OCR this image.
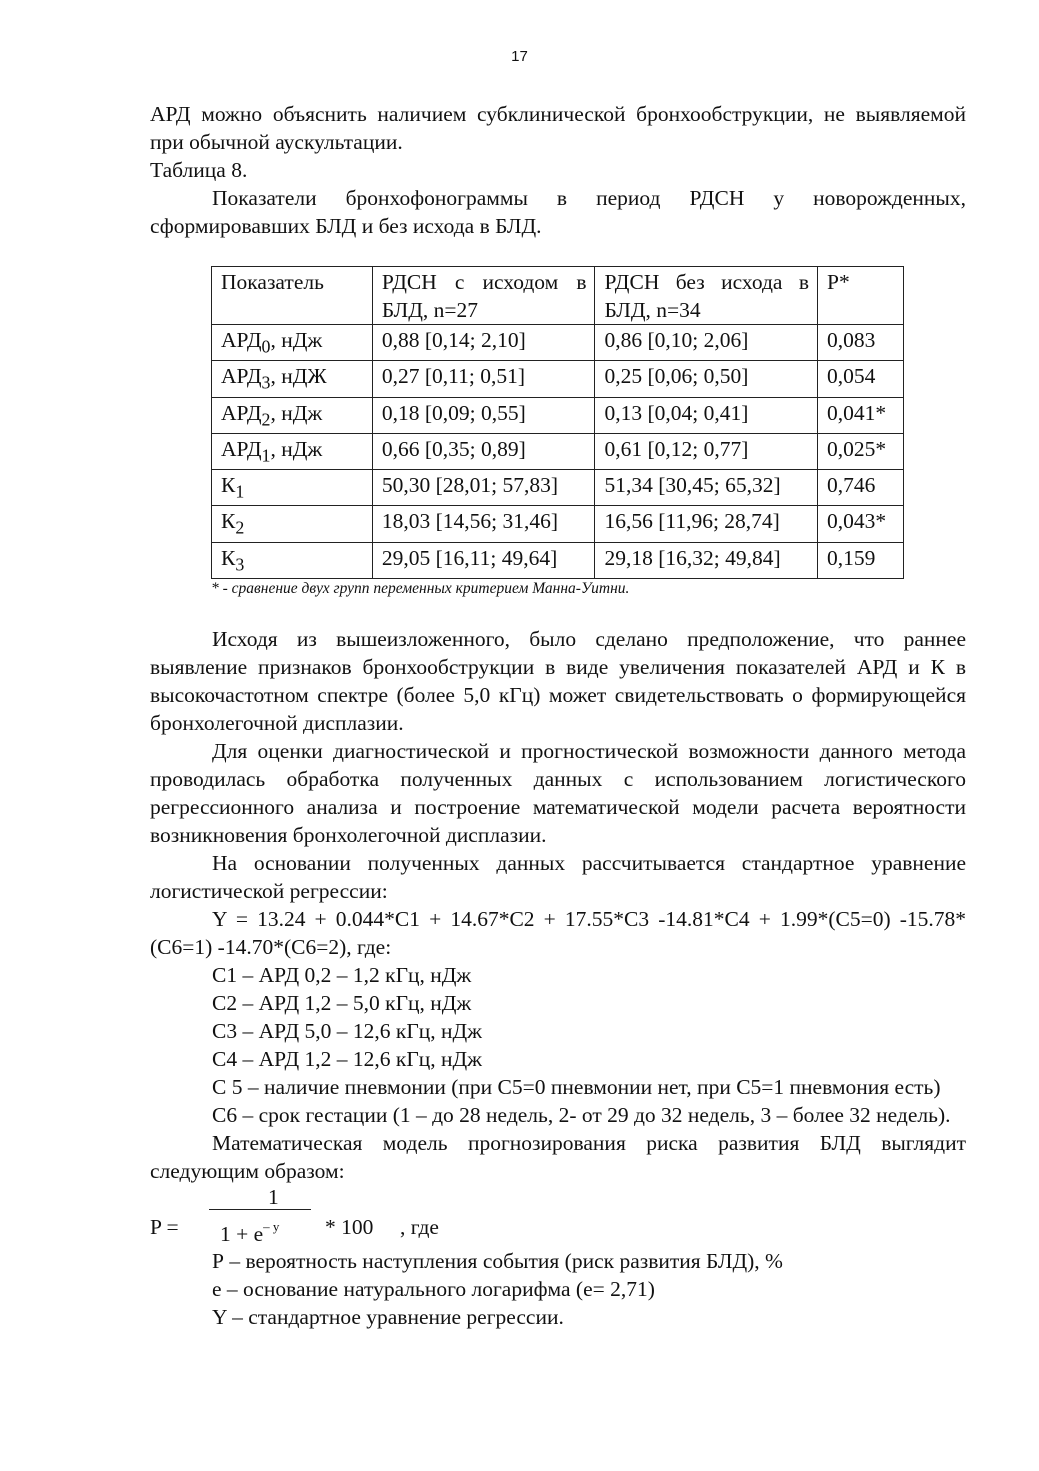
17

АРД можно объяснить наличием субклинической бронхообструкции, не выявляемой при обычной аускультации.

Таблица 8.

Показатели бронхофонограммы в период РДСН у новорожденных, сформировавших БЛД и без исхода в БЛД.

Показатель	РДСН с исходом в БЛД, n=27	РДСН без исхода в БЛД, n=34	P*
$АРД_0$, нДж	0,88 [0,14; 2,10]	0,86 [0,10; 2,06]	0,083
$АРД_3$, нДЖ	0,27 [0,11; 0,51]	0,25 [0,06; 0,50]	0,054
$АРД_2$, нДж	0,18 [0,09; 0,55]	0,13 [0,04; 0,41]	0,041*
$АРД_1$, нДж	0,66 [0,35; 0,89]	0,61 [0,12; 0,77]	0,025*
$К_1$	50,30 [28,01; 57,83]	51,34 [30,45; 65,32]	0,746
$К_2$	18,03 [14,56; 31,46]	16,56 [11,96; 28,74]	0,043*
$К_3$	29,05 [16,11; 49,64]	29,18 [16,32; 49,84]	0,159
* - сравнение двух групп переменных критерием Манна-Уитни.

Исходя из вышеизложенного, было сделано предположение, что раннее выявление признаков бронхообструкции в виде увеличения показателей АРД и К в высокочастотном спектре (более 5,0 кГц) может свидетельствовать о формирующейся бронхолегочной дисплазии.

Для оценки диагностической и прогностической возможности данного метода проводилась обработка полученных данных с использованием логистического регрессионного анализа и построение математической модели расчета вероятности возникновения бронхолегочной дисплазии.

На основании полученных данных рассчитывается стандартное уравнение логистической регрессии:

Y = 13.24 + 0.044*C1 + 14.67*C2 + 17.55*C3 -14.81*C4 + 1.99*(C5=0) -15.78*(C6=1) -14.70*(C6=2), где:

С1 – АРД 0,2 – 1,2 кГц, нДж

С2 – АРД 1,2 – 5,0 кГц, нДж

С3 – АРД 5,0 – 12,6 кГц, нДж

С4 – АРД 1,2 – 12,6 кГц, нДж

С 5 – наличие пневмонии (при С5=0 пневмонии нет, при С5=1 пневмония есть)

С6 – срок гестации (1 – до 28 недель, 2- от 29 до 32 недель, 3 – более 32 недель).

Математическая модель прогнозирования риска развития БЛД выглядит следующим образом:

1
$P = 1 + e^{- у} * 100$ , где

Р – вероятность наступления события (риск развития БЛД), %

е – основание натурального логарифма (е= 2,71)

Y – стандартное уравнение регрессии.
